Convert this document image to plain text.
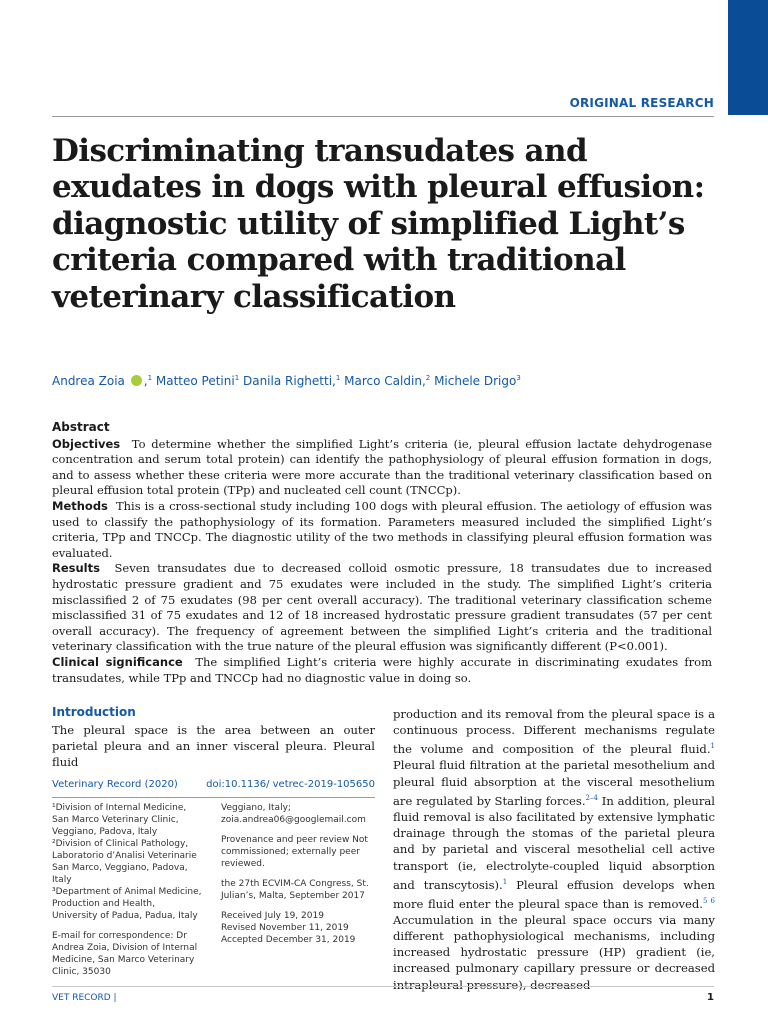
ORIGINAL RESEARCH
Discriminating transudates and exudates in dogs with pleural effusion: diagnostic utility of simplified Light’s criteria compared with traditional veterinary classification
Andrea Zoia ,$^1$ Matteo Petini$^1$ Danila Righetti,$^1$ Marco Caldin,$^2$ Michele Drigo$^3$
Abstract

Objectives To determine whether the simplified Light’s criteria (ie, pleural effusion lactate dehydrogenase concentration and serum total protein) can identify the pathophysiology of pleural effusion formation in dogs, and to assess whether these criteria were more accurate than the traditional veterinary classification based on pleural effusion total protein (TPp) and nucleated cell count (TNCCp).

Methods This is a cross-sectional study including 100 dogs with pleural effusion. The aetiology of effusion was used to classify the pathophysiology of its formation. Parameters measured included the simplified Light’s criteria, TPp and TNCCp. The diagnostic utility of the two methods in classifying pleural effusion formation was evaluated.

Results Seven transudates due to decreased colloid osmotic pressure, 18 transudates due to increased hydrostatic pressure gradient and 75 exudates were included in the study. The simplified Light’s criteria misclassified 2 of 75 exudates (98 per cent overall accuracy). The traditional veterinary classification scheme misclassified 31 of 75 exudates and 12 of 18 increased hydrostatic pressure gradient transudates (57 per cent overall accuracy). The frequency of agreement between the simplified Light’s criteria and the traditional veterinary classification with the true nature of the pleural effusion was significantly different (P<0.001).

Clinical significance The simplified Light’s criteria were highly accurate in discriminating exudates from transudates, while TPp and TNCCp had no diagnostic value in doing so.

Introduction

The pleural space is the area between an outer parietal pleura and an inner visceral pleura. Pleural fluid

Veterinary Record (2020)	doi:10.1136/ vetrec-2019-105650

¹Division of Internal Medicine, San Marco Veterinary Clinic, Veggiano, Padova, Italy

²Division of Clinical Pathology, Laboratorio d’Analisi Veterinarie San Marco, Veggiano, Padova, Italy

³Department of Animal Medicine, Production and Health, University of Padua, Padua, Italy

E-mail for correspondence: Dr Andrea Zoia, Division of Internal Medicine, San Marco Veterinary Clinic, 35030

Veggiano, Italy;
zoia.andrea06@googlemail.com

Provenance and peer review Not commissioned; externally peer reviewed.

the 27th ECVIM-CA Congress, St. Julian’s, Malta, September 2017

Received July 19, 2019
Revised November 11, 2019
Accepted December 31, 2019

production and its removal from the pleural space is a continuous process. Different mechanisms regulate the volume and composition of the pleural fluid.$^1$ Pleural fluid filtration at the parietal mesothelium and pleural fluid absorption at the visceral mesothelium are regulated by Starling forces.$^{2-4}$ In addition, pleural fluid removal is also facilitated by extensive lymphatic drainage through the stomas of the parietal pleura and by parietal and visceral mesothelial cell active transport (ie, electrolyte-coupled liquid absorption and transcytosis).$^1$ Pleural effusion develops when more fluid enter the pleural space than is removed.$^{5 6}$ Accumulation in the pleural space occurs via many different pathophysiological mechanisms, including increased hydrostatic pressure (HP) gradient (ie, increased pulmonary capillary pressure or decreased intrapleural pressure), decreased
VET RECORD |	1
